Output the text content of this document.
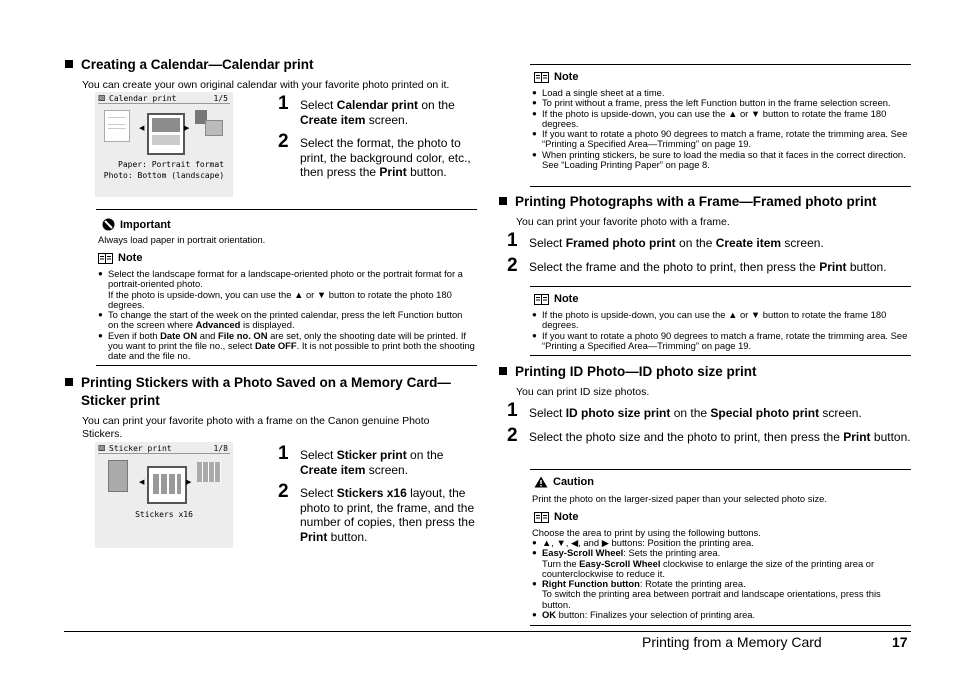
Creating a Calendar—Calendar print
You can create your own original calendar with your favorite photo printed on it.
▧ Calendar print	1/5
◀	▶
Paper: Portrait format
Photo: Bottom (landscape)
1 Select Calendar print on the Create item screen.
2 Select the format, the photo to print, the background color, etc., then press the Print button.
Important
Always load paper in portrait orientation.
Note
● Select the landscape format for a landscape-oriented photo or the portrait format for a portrait-oriented photo.
If the photo is upside-down, you can use the ▲ or ▼ button to rotate the photo 180 degrees.
● To change the start of the week on the printed calendar, press the left Function button on the screen where Advanced is displayed.
● Even if both Date ON and File no. ON are set, only the shooting date will be printed. If you want to print the file no., select Date OFF. It is not possible to print both the shooting date and the file no.
Printing Stickers with a Photo Saved on a Memory Card—
Sticker print
You can print your favorite photo with a frame on the Canon genuine Photo Stickers.
▧ Sticker print	1/8
◀	▶
Stickers x16
1 Select Sticker print on the Create item screen.
2 Select Stickers x16 layout, the photo to print, the frame, and the number of copies, then press the Print button.
Note
● Load a single sheet at a time.
● To print without a frame, press the left Function button in the frame selection screen.
● If the photo is upside-down, you can use the ▲ or ▼ button to rotate the frame 180 degrees.
● If you want to rotate a photo 90 degrees to match a frame, rotate the trimming area. See “Printing a Specified Area—Trimming” on page 19.
● When printing stickers, be sure to load the media so that it faces in the correct direction. See “Loading Printing Paper” on page 8.
Printing Photographs with a Frame—Framed photo print
You can print your favorite photo with a frame.
1 Select Framed photo print on the Create item screen.
2 Select the frame and the photo to print, then press the Print button.
Note
● If the photo is upside-down, you can use the ▲ or ▼ button to rotate the frame 180 degrees.
● If you want to rotate a photo 90 degrees to match a frame, rotate the trimming area. See “Printing a Specified Area—Trimming” on page 19.
Printing ID Photo—ID photo size print
You can print ID size photos.
1 Select ID photo size print on the Special photo print screen.
2 Select the photo size and the photo to print, then press the Print button.
Caution
Print the photo on the larger-sized paper than your selected photo size.
Note
Choose the area to print by using the following buttons.
● ▲, ▼, ◀, and ▶ buttons: Position the printing area.
● Easy-Scroll Wheel: Sets the printing area.
Turn the Easy-Scroll Wheel clockwise to enlarge the size of the printing area or counterclockwise to reduce it.
● Right Function button: Rotate the printing area.
To switch the printing area between portrait and landscape orientations, press this button.
● OK button: Finalizes your selection of printing area.
Printing from a Memory Card	17
